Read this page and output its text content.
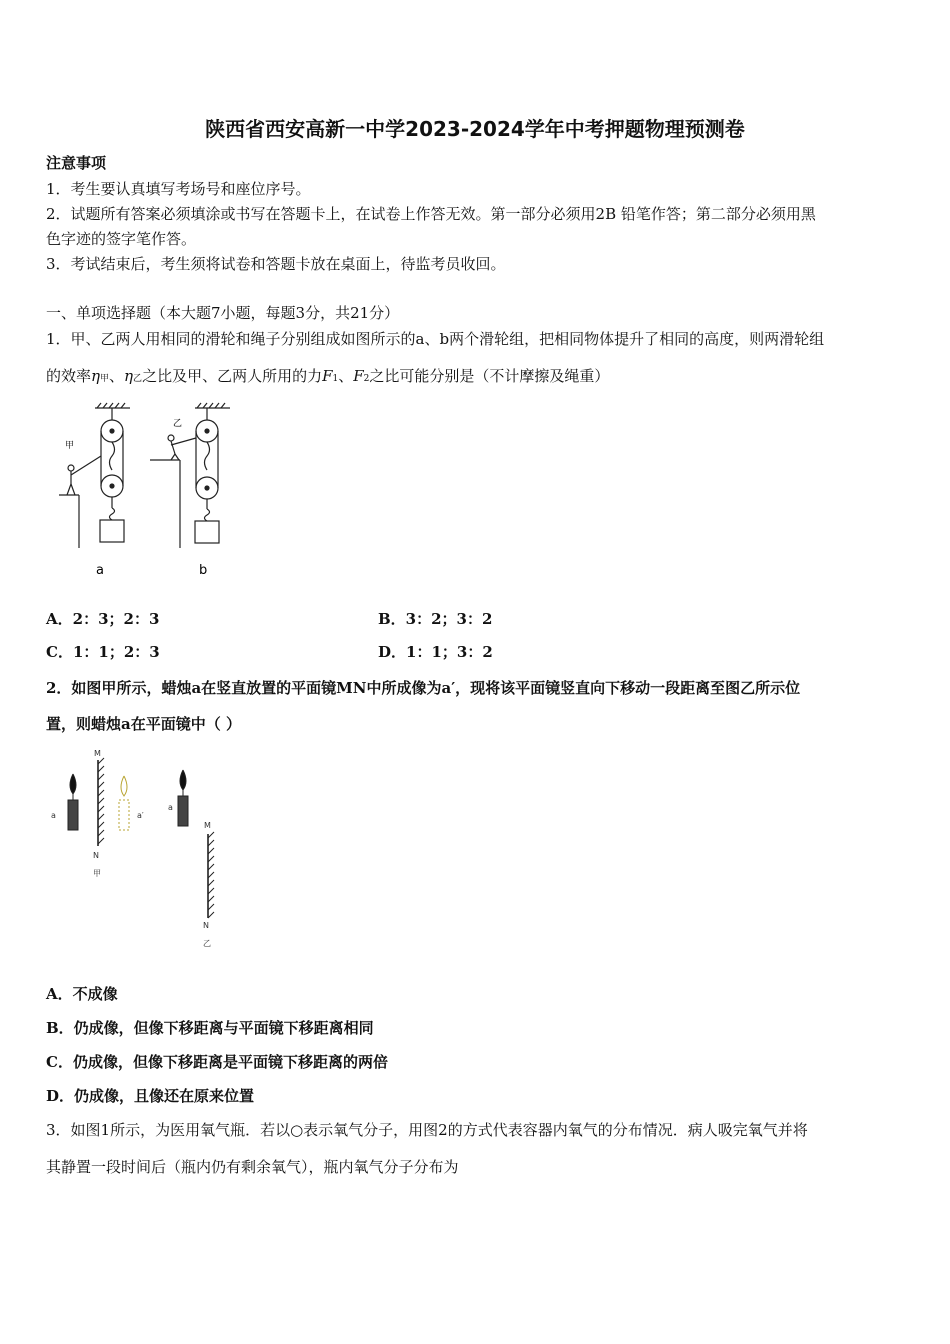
陕西省西安高新一中学2023-2024学年中考押题物理预测卷
注意事项
1．考生要认真填写考场号和座位序号。
2．试题所有答案必须填涂或书写在答题卡上，在试卷上作答无效。第一部分必须用2B 铅笔作答；第二部分必须用黑
色字迹的签字笔作答。
3．考试结束后，考生须将试卷和答题卡放在桌面上，待监考员收回。
一、单项选择题（本大题7小题，每题3分，共21分）
1．甲、乙两人用相同的滑轮和绳子分别组成如图所示的a、b两个滑轮组，把相同物体提升了相同的高度，则两滑轮组
的效率η甲、η乙之比及甲、乙两人所用的力F1、F2之比可能分别是（不计摩擦及绳重）
甲
乙
a	b
A．2：3；2：3	B．3：2；3：2
C．1：1；2：3	D．1：1；3：2
2．如图甲所示，蜡烛a在竖直放置的平面镜MN中所成像为a′，现将该平面镜竖直向下移动一段距离至图乙所示位
置，则蜡烛a在平面镜中（ ）
M
N
a	a′
甲
a
M
N
乙
A．不成像
B．仍成像，但像下移距离与平面镜下移距离相同
C．仍成像，但像下移距离是平面镜下移距离的两倍
D．仍成像，且像还在原来位置
3．如图1所示，为医用氧气瓶．若以○表示氧气分子，用图2的方式代表容器内氧气的分布情况．病人吸完氧气并将
其静置一段时间后（瓶内仍有剩余氧气），瓶内氧气分子分布为
